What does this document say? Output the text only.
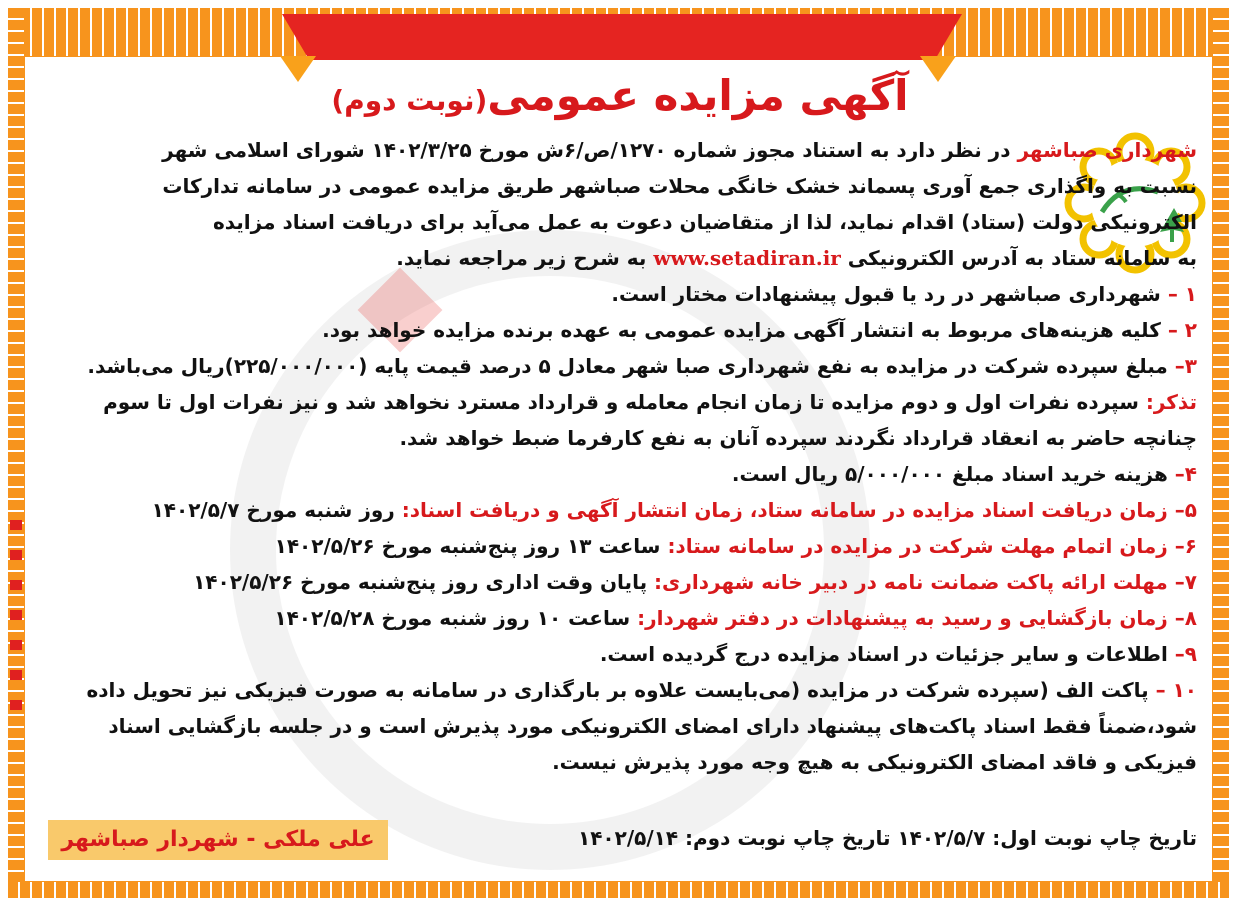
آگهی مزایده عمومی(نوبت دوم)
شهرداری صباشهر در نظر دارد به استناد مجوز شماره ۱۲۷۰/ص/۶ش مورخ ۱۴۰۲/۳/۲۵ شورای اسلامی شهر
نسبت به واگذاری جمع آوری پسماند خشک خانگی محلات صباشهر طریق مزایده عمومی در سامانه تدارکات
الکترونیکی دولت (ستاد) اقدام نماید، لذا از متقاضیان دعوت به عمل می‌آید برای دریافت اسناد مزایده
به سامانه ستاد به آدرس الکترونیکی www.setadiran.ir به شرح زیر مراجعه نماید.
۱ – شهرداری صباشهر در رد یا قبول پیشنهادات مختار است.
۲ – کلیه هزینه‌های مربوط به انتشار آگهی مزایده عمومی به عهده برنده مزایده خواهد بود.
۳– مبلغ سپرده شرکت در مزایده به نفع شهرداری صبا شهر معادل ۵ درصد قیمت پایه (۲۲۵/۰۰۰/۰۰۰)ریال می‌باشد.
تذکر: سپرده نفرات اول و دوم مزایده تا زمان انجام معامله و قرارداد مسترد نخواهد شد و نیز نفرات اول تا سوم
چنانچه حاضر به انعقاد قرارداد نگردند سپرده آنان به نفع کارفرما ضبط خواهد شد.
۴– هزینه خرید اسناد مبلغ ۵/۰۰۰/۰۰۰ ریال است.
۵– زمان دریافت اسناد مزایده در سامانه ستاد، زمان انتشار آگهی و دریافت اسناد: روز شنبه مورخ ۱۴۰۲/۵/۷
۶– زمان اتمام مهلت شرکت در مزایده در سامانه ستاد: ساعت ۱۳ روز پنج‌شنبه مورخ ۱۴۰۲/۵/۲۶
۷– مهلت ارائه پاکت ضمانت نامه در دبیر خانه شهرداری: پایان وقت اداری روز پنج‌شنبه مورخ ۱۴۰۲/۵/۲۶
۸– زمان بازگشایی و رسید به پیشنهادات در دفتر شهردار: ساعت ۱۰ روز شنبه مورخ ۱۴۰۲/۵/۲۸
۹– اطلاعات و سایر جزئیات در اسناد مزایده درج گردیده است.
۱۰ – پاکت الف (سپرده شرکت در مزایده (می‌بایست علاوه بر بارگذاری در سامانه به صورت فیزیکی نیز تحویل داده
شود،ضمناً فقط اسناد پاکت‌های پیشنهاد دارای امضای الکترونیکی مورد پذیرش است و در جلسه بازگشایی اسناد
فیزیکی و فاقد امضای الکترونیکی به هیچ وجه مورد پذیرش نیست.
تاریخ چاپ نوبت اول: ۱۴۰۲/۵/۷ تاریخ چاپ نوبت دوم: ۱۴۰۲/۵/۱۴
علی ملکی - شهردار صباشهر
